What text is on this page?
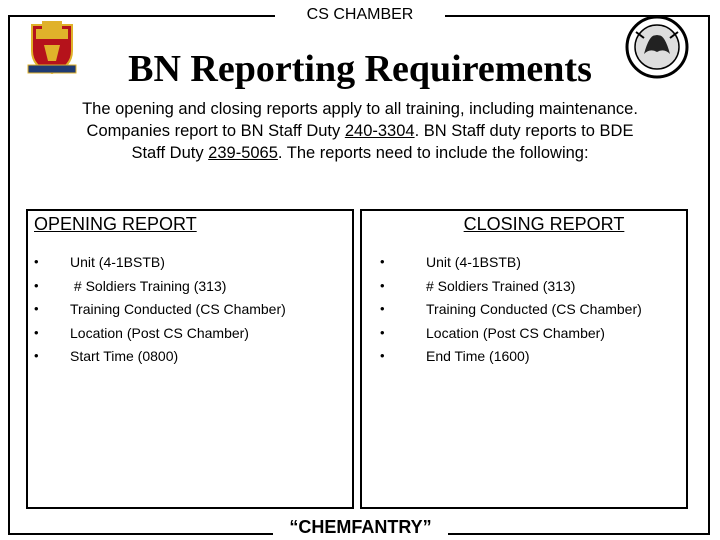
CS CHAMBER
BN Reporting Requirements
The opening and closing reports apply to all training, including maintenance.
Companies report to BN Staff Duty 240-3304. BN Staff duty reports to BDE
Staff Duty 239-5065. The reports need to include the following:
OPENING REPORT
• Unit (4-1BSTB)
• # Soldiers Training (313)
• Training Conducted (CS Chamber)
• Location (Post CS Chamber)
• Start Time (0800)
CLOSING REPORT
•	Unit (4-1BSTB)
•	# Soldiers Trained (313)
•	Training Conducted (CS Chamber)
•	Location (Post CS Chamber)
•	End Time (1600)
“CHEMFANTRY”
